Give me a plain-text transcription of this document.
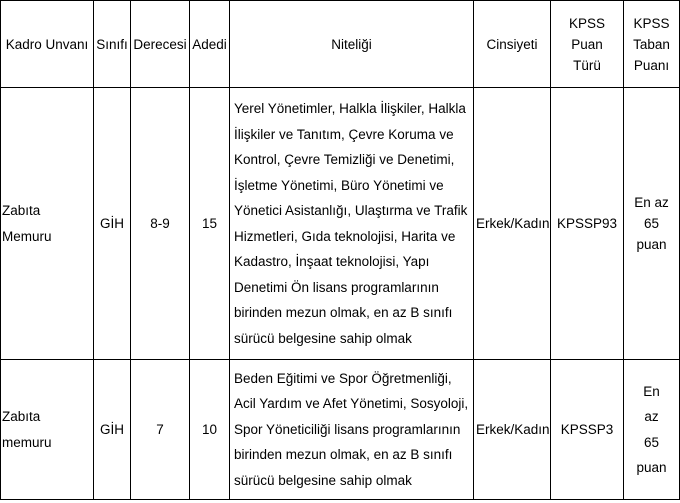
Kadro Unvanı	Sınıfı	Derecesi	Adedi	Niteliği	Cinsiyeti	KPSS Puan Türü	KPSS Taban Puanı
Zabıta Memuru	GİH	8-9	15	Yerel Yönetimler, Halkla İlişkiler, Halkla İlişkiler ve Tanıtım, Çevre Koruma ve Kontrol, Çevre Temizliği ve Denetimi, İşletme Yönetimi, Büro Yönetimi ve Yönetici Asistanlığı, Ulaştırma ve Trafik Hizmetleri, Gıda teknolojisi, Harita ve Kadastro, İnşaat teknolojisi, Yapı Denetimi Ön lisans programlarının birinden mezun olmak, en az B sınıfı sürücü belgesine sahip olmak	Erkek/Kadın	KPSSP93	En az 65 puan
Zabıta memuru	GİH	7	10	Beden Eğitimi ve Spor Öğretmenliği, Acil Yardım ve Afet Yönetimi, Sosyoloji, Spor Yöneticiliği lisans programlarının birinden mezun olmak, en az B sınıfı sürücü belgesine sahip olmak	Erkek/Kadın	KPSSP3	En az 65 puan
